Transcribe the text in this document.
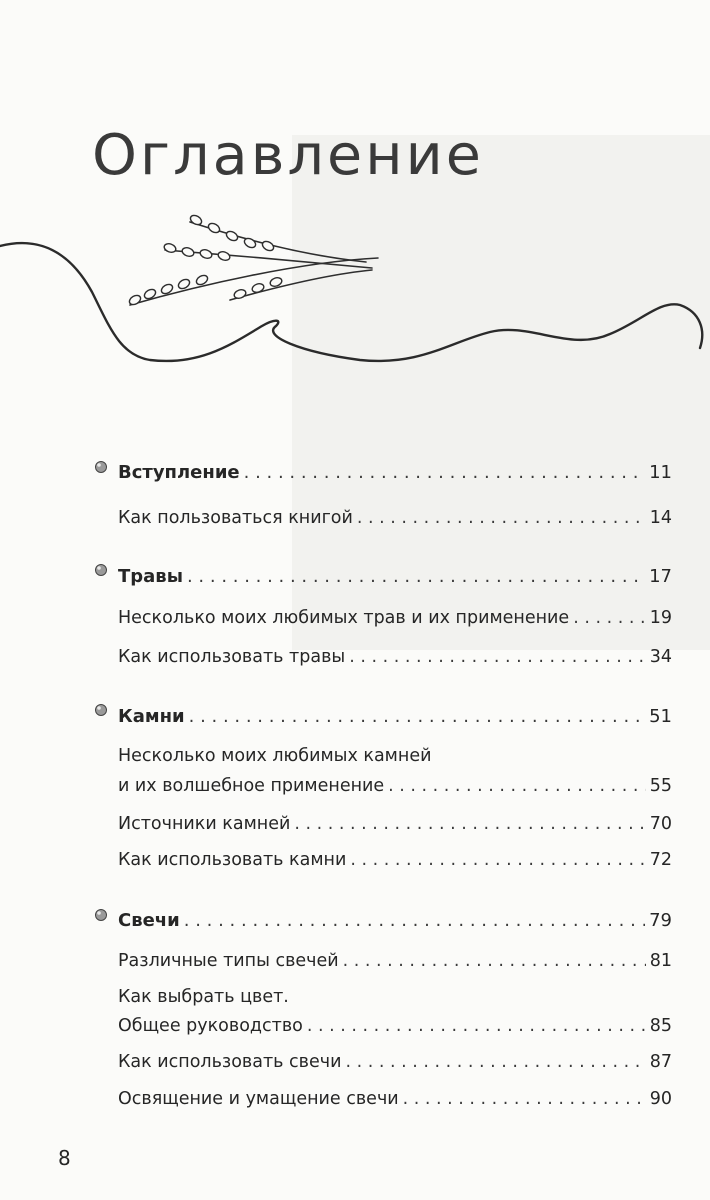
Оглавление
Вступление . . .	11
Как пользоваться книгой . . .	14
Травы . . .	17
Несколько моих любимых трав и их применение . . .	19
Как использовать травы . . .	34
Камни . . .	51
Несколько моих любимых камней
и их волшебное применение . . .	55
Источники камней . . .	70
Как использовать камни . . .	72
Свечи . . .	79
Различные типы свечей . . .	81
Как выбрать цвет.
Общее руководство . . .	85
Как использовать свечи . . .	87
Освящение и умащение свечи . . .	90
8
